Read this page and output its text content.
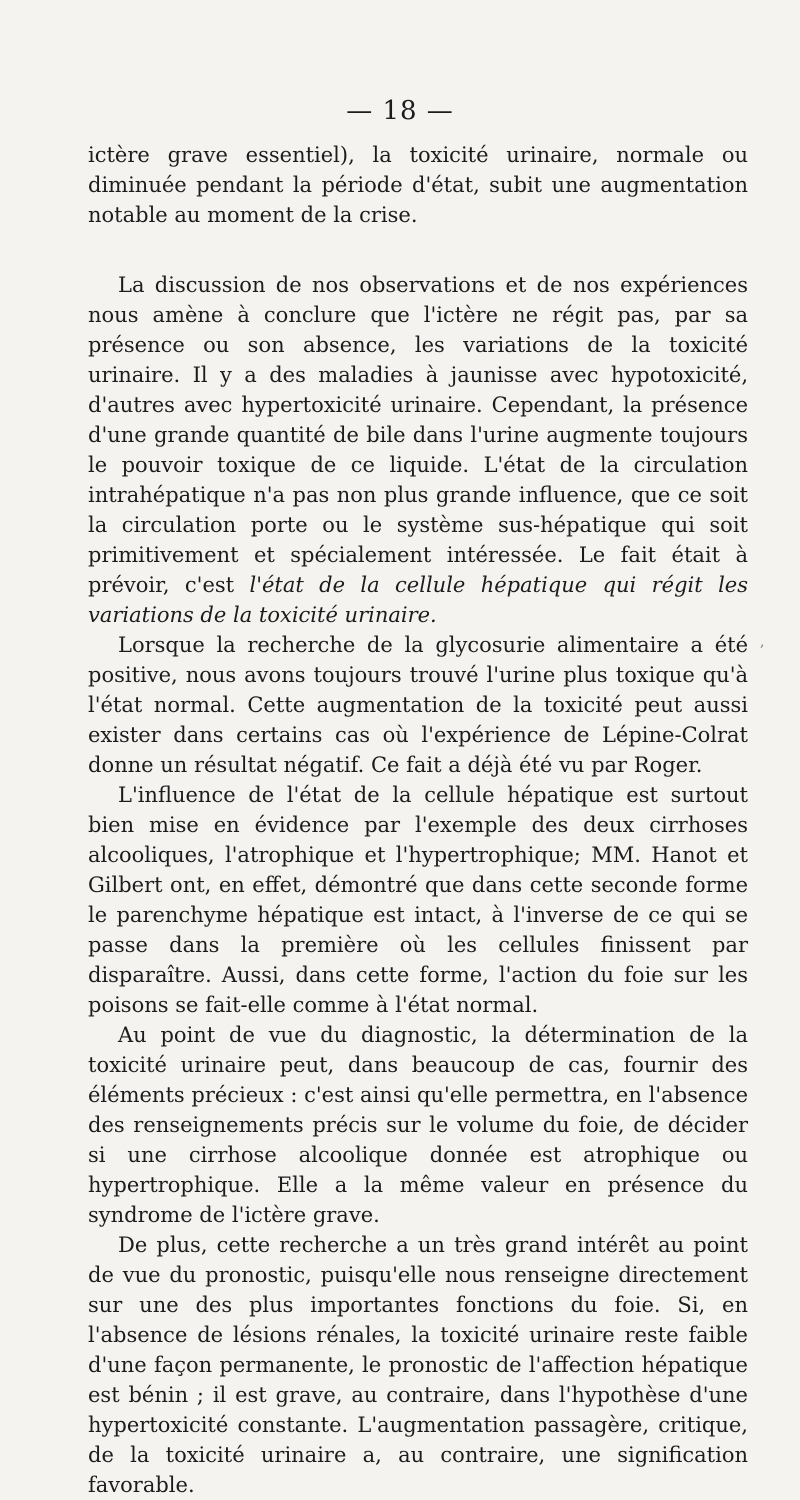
— 18 —

ictère grave essentiel), la toxicité urinaire, normale ou diminuée pendant la période d'état, subit une augmentation notable au moment de la crise.

La discussion de nos observations et de nos expériences nous amène à conclure que l'ictère ne régit pas, par sa présence ou son absence, les variations de la toxicité urinaire. Il y a des maladies à jaunisse avec hypotoxicité, d'autres avec hypertoxicité urinaire. Cependant, la présence d'une grande quantité de bile dans l'urine augmente toujours le pouvoir toxique de ce liquide. L'état de la circulation intrahépatique n'a pas non plus grande influence, que ce soit la circulation porte ou le système sus-hépatique qui soit primitivement et spécialement intéressée. Le fait était à prévoir, c'est l'état de la cellule hépatique qui régit les variations de la toxicité urinaire.

Lorsque la recherche de la glycosurie alimentaire a été positive, nous avons toujours trouvé l'urine plus toxique qu'à l'état normal. Cette augmentation de la toxicité peut aussi exister dans certains cas où l'expérience de Lépine-Colrat donne un résultat négatif. Ce fait a déjà été vu par Roger.

L'influence de l'état de la cellule hépatique est surtout bien mise en évidence par l'exemple des deux cirrhoses alcooliques, l'atrophique et l'hypertrophique; MM. Hanot et Gilbert ont, en effet, démontré que dans cette seconde forme le parenchyme hépatique est intact, à l'inverse de ce qui se passe dans la première où les cellules finissent par disparaître. Aussi, dans cette forme, l'action du foie sur les poisons se fait-elle comme à l'état normal.

Au point de vue du diagnostic, la détermination de la toxicité urinaire peut, dans beaucoup de cas, fournir des éléments précieux : c'est ainsi qu'elle permettra, en l'absence des renseignements précis sur le volume du foie, de décider si une cirrhose alcoolique donnée est atrophique ou hypertrophique. Elle a la même valeur en présence du syndrome de l'ictère grave.

De plus, cette recherche a un très grand intérêt au point de vue du pronostic, puisqu'elle nous renseigne directement sur une des plus importantes fonctions du foie. Si, en l'absence de lésions rénales, la toxicité urinaire reste faible d'une façon permanente, le pronostic de l'affection hépatique est bénin ; il est grave, au contraire, dans l'hypothèse d'une hypertoxicité constante. L'augmentation passagère, critique, de la toxicité urinaire a, au contraire, une signification favorable.

,
